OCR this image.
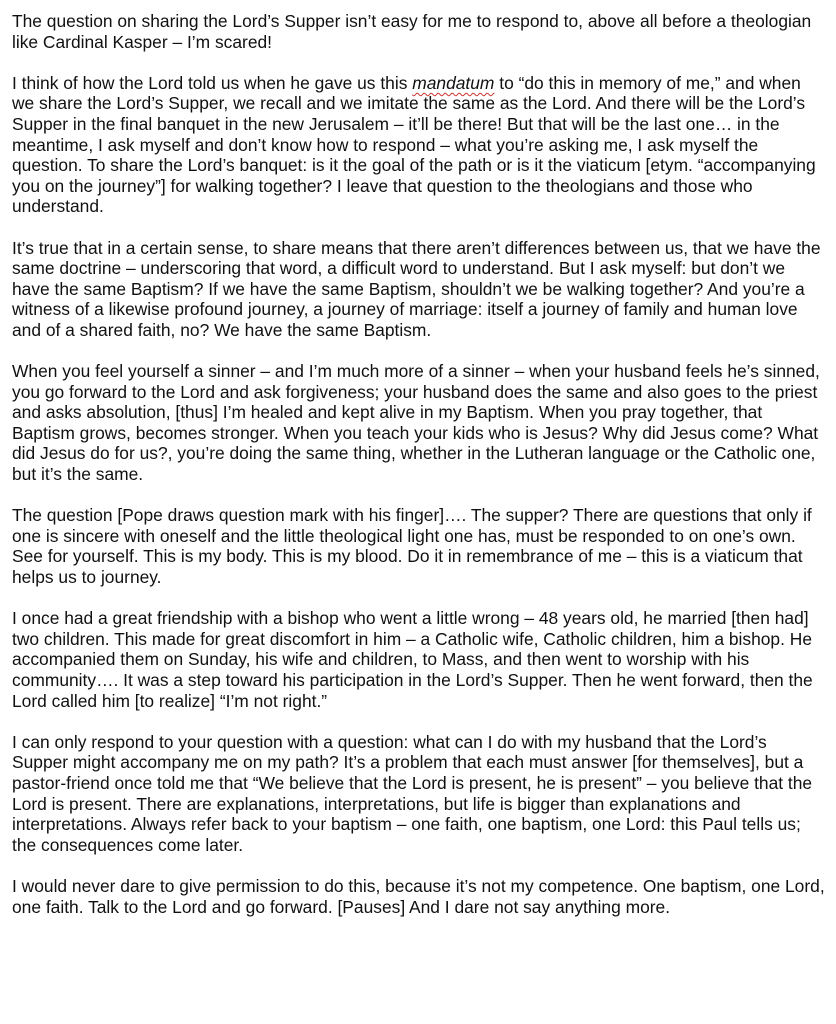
The question on sharing the Lord’s Supper isn’t easy for me to respond to, above all before a theologian like Cardinal Kasper – I’m scared!

I think of how the Lord told us when he gave us this mandatum to “do this in memory of me,” and when we share the Lord’s Supper, we recall and we imitate the same as the Lord. And there will be the Lord’s Supper in the final banquet in the new Jerusalem – it’ll be there! But that will be the last one… in the meantime, I ask myself and don’t know how to respond – what you’re asking me, I ask myself the question. To share the Lord’s banquet: is it the goal of the path or is it the viaticum [etym. “accompanying you on the journey”] for walking together? I leave that question to the theologians and those who understand.

It’s true that in a certain sense, to share means that there aren’t differences between us, that we have the same doctrine – underscoring that word, a difficult word to understand. But I ask myself: but don’t we have the same Baptism? If we have the same Baptism, shouldn’t we be walking together? And you’re a witness of a likewise profound journey, a journey of marriage: itself a journey of family and human love and of a shared faith, no? We have the same Baptism.

When you feel yourself a sinner – and I’m much more of a sinner – when your husband feels he’s sinned, you go forward to the Lord and ask forgiveness; your husband does the same and also goes to the priest and asks absolution, [thus] I’m healed and kept alive in my Baptism. When you pray together, that Baptism grows, becomes stronger. When you teach your kids who is Jesus? Why did Jesus come? What did Jesus do for us?, you’re doing the same thing, whether in the Lutheran language or the Catholic one, but it’s the same.

The question [Pope draws question mark with his finger]…. The supper? There are questions that only if one is sincere with oneself and the little theological light one has, must be responded to on one’s own. See for yourself. This is my body. This is my blood. Do it in remembrance of me – this is a viaticum that helps us to journey.

I once had a great friendship with a bishop who went a little wrong – 48 years old, he married [then had] two children. This made for great discomfort in him – a Catholic wife, Catholic children, him a bishop. He accompanied them on Sunday, his wife and children, to Mass, and then went to worship with his community…. It was a step toward his participation in the Lord’s Supper. Then he went forward, then the Lord called him [to realize] “I’m not right.”

I can only respond to your question with a question: what can I do with my husband that the Lord’s Supper might accompany me on my path? It’s a problem that each must answer [for themselves], but a pastor-friend once told me that “We believe that the Lord is present, he is present” – you believe that the Lord is present. There are explanations, interpretations, but life is bigger than explanations and interpretations. Always refer back to your baptism – one faith, one baptism, one Lord: this Paul tells us; the consequences come later.

I would never dare to give permission to do this, because it’s not my competence. One baptism, one Lord, one faith. Talk to the Lord and go forward. [Pauses] And I dare not say anything more.
